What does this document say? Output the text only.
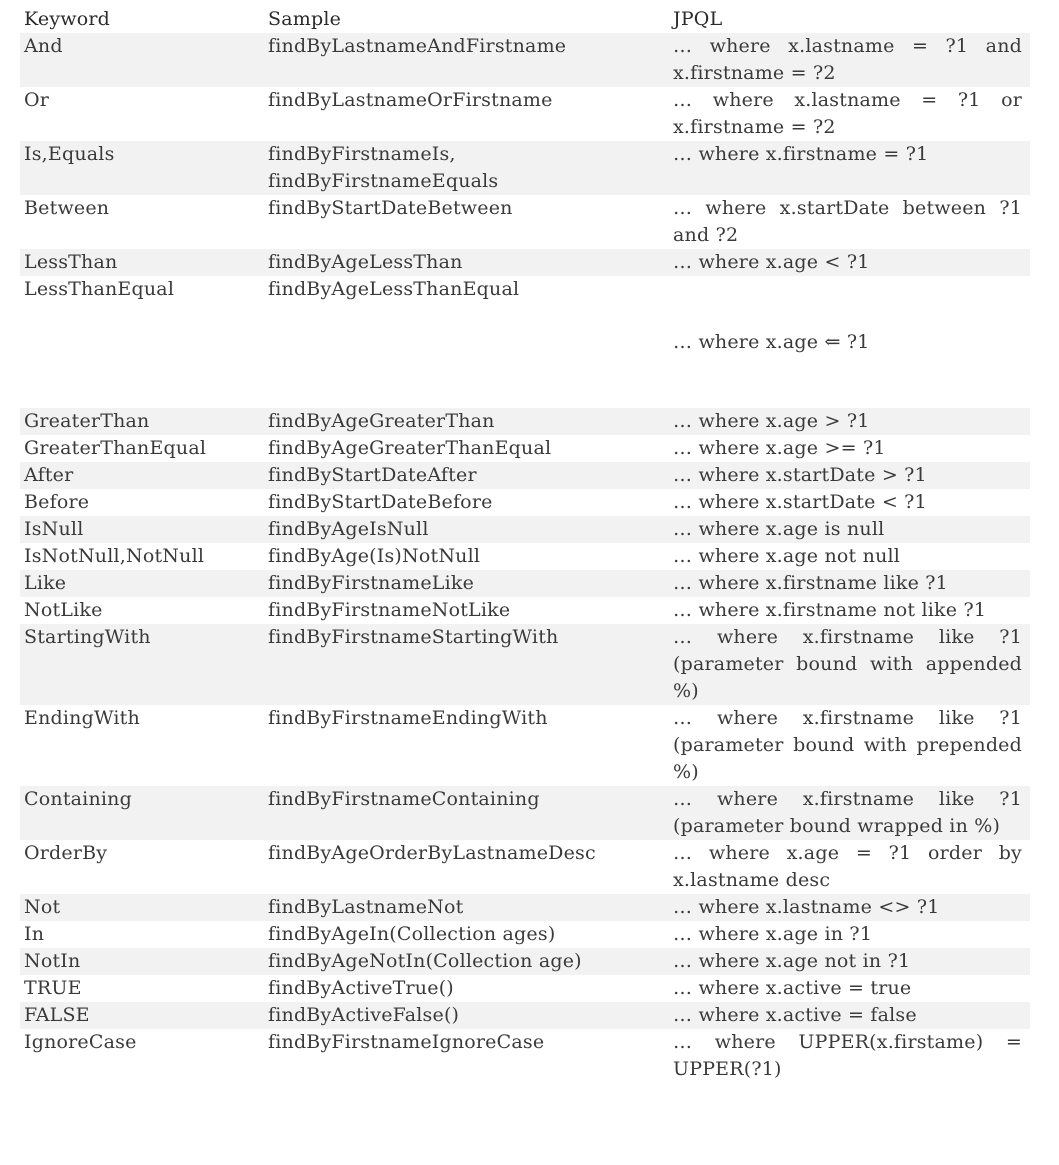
Keyword	Sample	JPQL
And	findByLastnameAndFirstname	… where x.lastname = ?1 and x.firstname = ?2
Or	findByLastnameOrFirstname	… where x.lastname = ?1 or x.firstname = ?2
Is,Equals	findByFirstnameIs, findByFirstnameEquals	… where x.firstname = ?1
Between	findByStartDateBetween	… where x.startDate between ?1 and ?2
LessThan	findByAgeLessThan	… where x.age < ?1
LessThanEqual	findByAgeLessThanEqual	… where x.age ⇐ ?1
GreaterThan	findByAgeGreaterThan	… where x.age > ?1
GreaterThanEqual	findByAgeGreaterThanEqual	… where x.age >= ?1
After	findByStartDateAfter	… where x.startDate > ?1
Before	findByStartDateBefore	… where x.startDate < ?1
IsNull	findByAgeIsNull	… where x.age is null
IsNotNull,NotNull	findByAge(Is)NotNull	… where x.age not null
Like	findByFirstnameLike	… where x.firstname like ?1
NotLike	findByFirstnameNotLike	… where x.firstname not like ?1
StartingWith	findByFirstnameStartingWith	… where x.firstname like ?1 (parameter bound with appended %)
EndingWith	findByFirstnameEndingWith	… where x.firstname like ?1 (parameter bound with prepended %)
Containing	findByFirstnameContaining	… where x.firstname like ?1 (parameter bound wrapped in %)
OrderBy	findByAgeOrderByLastnameDesc	… where x.age = ?1 order by x.lastname desc
Not	findByLastnameNot	… where x.lastname <> ?1
In	findByAgeIn(Collection ages)	… where x.age in ?1
NotIn	findByAgeNotIn(Collection age)	… where x.age not in ?1
TRUE	findByActiveTrue()	… where x.active = true
FALSE	findByActiveFalse()	… where x.active = false
IgnoreCase	findByFirstnameIgnoreCase	… where UPPER(x.firstame) = UPPER(?1)
